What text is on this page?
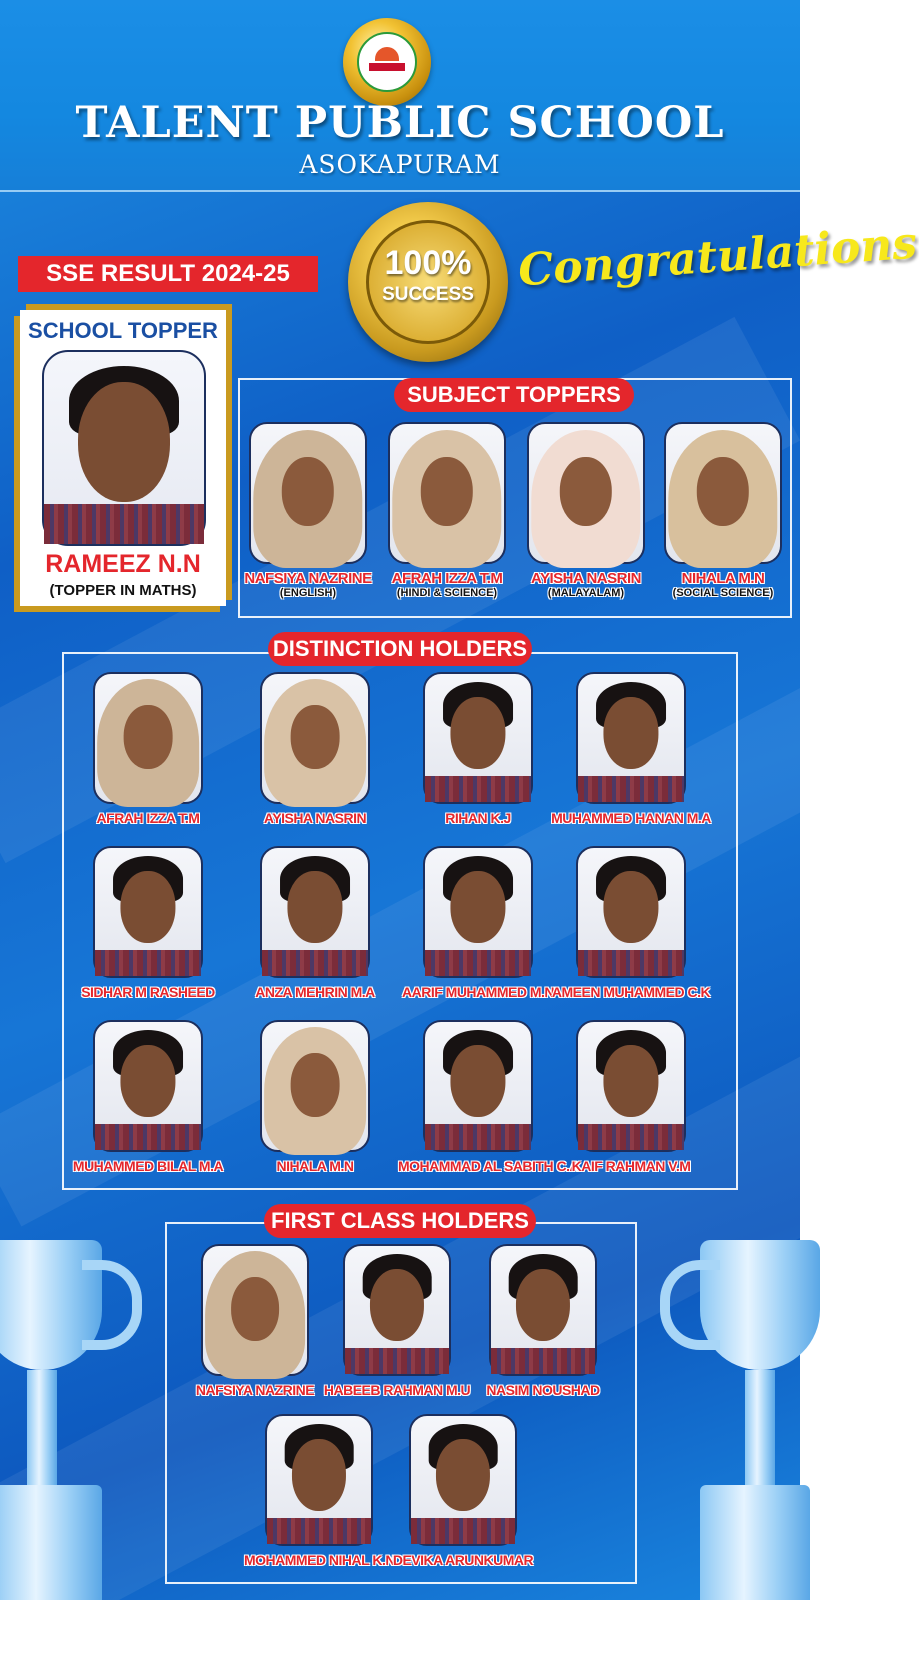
TALENT PUBLIC SCHOOL
ASOKAPURAM
SSE RESULT 2024-25	100%
SUCCESS Congratulations
SCHOOL TOPPER
RAMEEZ N.N
(TOPPER IN MATHS)
SUBJECT TOPPERS
DISTINCTION HOLDERS
FIRST CLASS HOLDERS
NAFSIYA NAZRINE
(ENGLISH)
AFRAH IZZA T.M
(HINDI & SCIENCE)
AYISHA NASRIN
(MALAYALAM)
NIHALA M.N
(SOCIAL SCIENCE)
AFRAH IZZA T.M	AYISHA NASRIN	RIHAN K.J	MUHAMMED HANAN M.A
SIDHAR M RASHEED	ANZA MEHRIN M.A	AARIF MUHAMMED M.N
AMEEN MUHAMMED C.K
MUHAMMED BILAL M.A	NIHALA M.N	MOHAMMAD AL SABITH C.A
KAIF RAHMAN V.M
NAFSIYA NAZRINE HABEEB RAHMAN M.U	NASIM NOUSHAD
MOHAMMED NIHAL K.N
DEVIKA ARUNKUMAR
